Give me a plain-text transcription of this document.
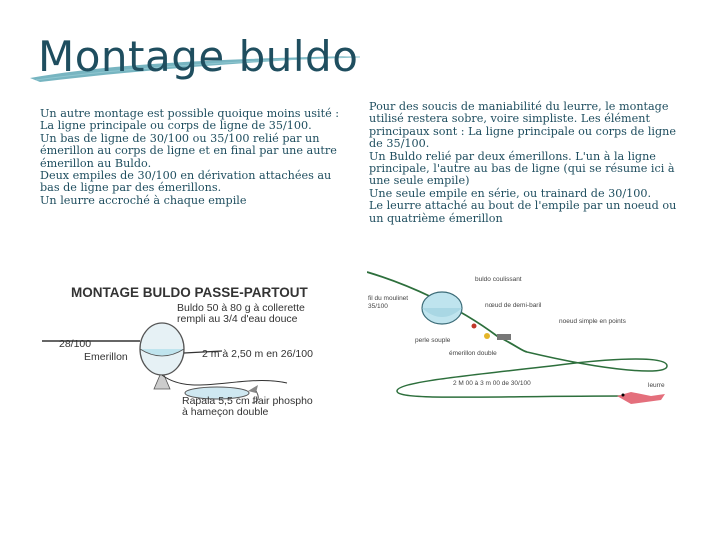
Montage buldo

Un autre montage est possible quoique moins usité : La ligne principale ou corps de ligne de 35/100.

Un bas de ligne de 30/100 ou 35/100 relié par un émerillon au corps de ligne et en final par une autre émerillon au Buldo.

Deux empiles de 30/100 en dérivation attachées au bas de ligne par des émerillons.

Un leurre accroché à chaque empile

Pour des soucis de maniabilité du leurre, le montage utilisé restera sobre, voire simpliste. Les élément principaux sont : La ligne principale ou corps de ligne de 35/100.

Un Buldo relié par deux émerillons. L'un à la ligne principale, l'autre au bas de ligne (qui se résume ici à une seule empile)

Une seule empile en série, ou trainard de 30/100.

Le leurre attaché au bout de l'empile par un noeud ou un quatrième émerillon

MONTAGE BULDO PASSE-PARTOUT
Buldo 50 à 80 g à collerette
rempli au 3/4 d'eau douce
28/100
Emerillon	2 m à 2,50 m en 26/100
Rapala 5,5 cm flair phospho
à hameçon double
buldo coulissant
fil du moulinet
35/100	nœud de demi-baril
noeud simple en points
perle souple
émerillon double
2 M 00 à 3 m 00 de 30/100	leurre
